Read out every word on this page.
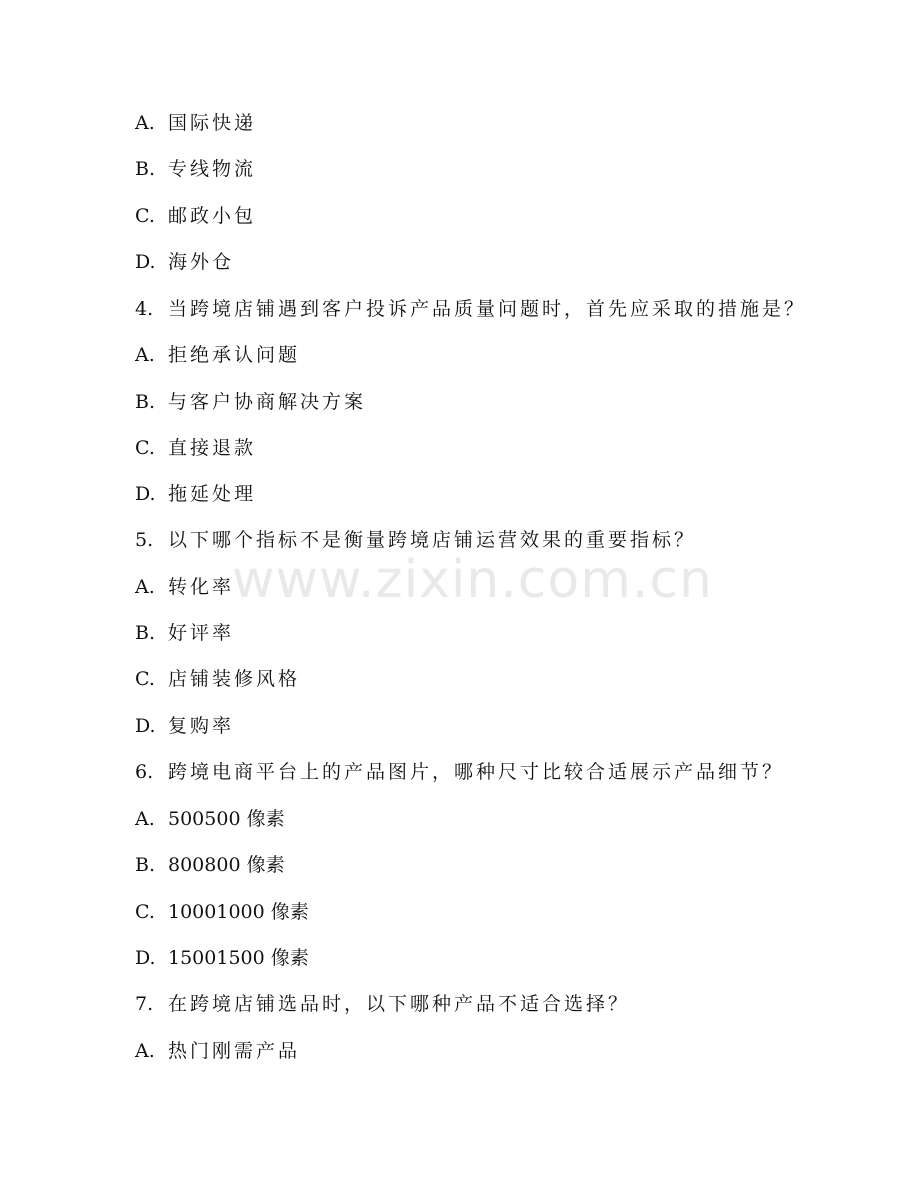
www.zixin.com.cn
A. 国际快递
B. 专线物流
C. 邮政小包
D. 海外仓
4. 当跨境店铺遇到客户投诉产品质量问题时，首先应采取的措施是？
A. 拒绝承认问题
B. 与客户协商解决方案
C. 直接退款
D. 拖延处理
5. 以下哪个指标不是衡量跨境店铺运营效果的重要指标？
A. 转化率
B. 好评率
C. 店铺装修风格
D. 复购率
6. 跨境电商平台上的产品图片，哪种尺寸比较合适展示产品细节？
A. 500500 像素
B. 800800 像素
C. 10001000 像素
D. 15001500 像素
7. 在跨境店铺选品时，以下哪种产品不适合选择？
A. 热门刚需产品
